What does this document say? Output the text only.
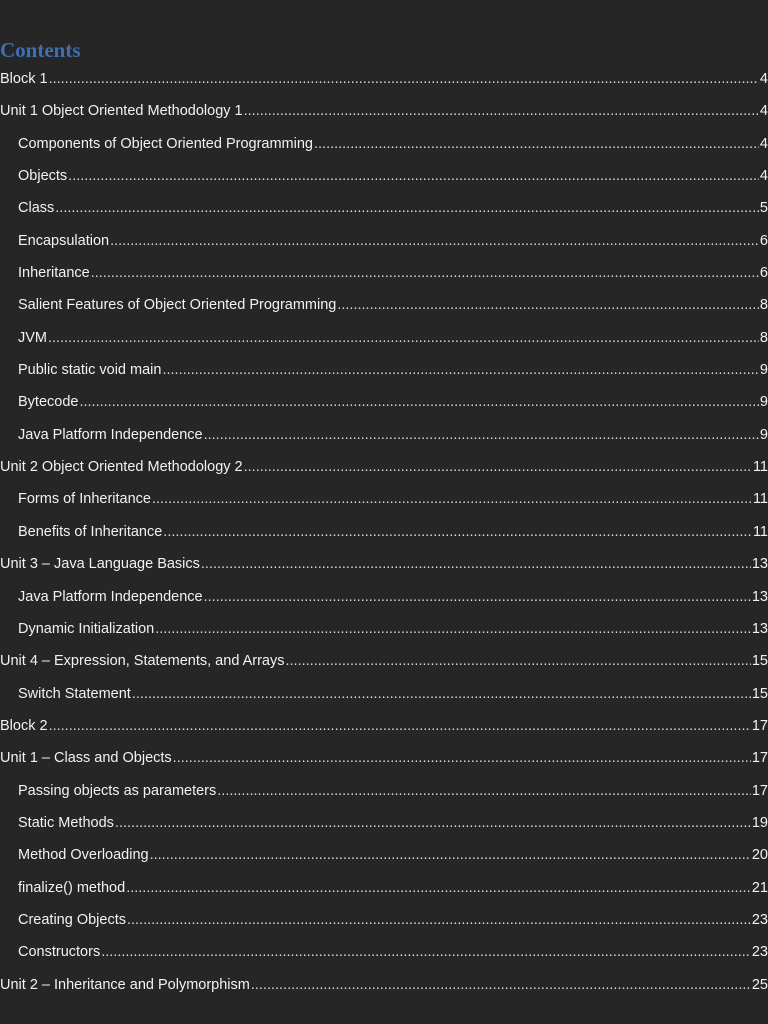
Contents
Block 1 .....	4
Unit 1 Object Oriented Methodology 1 .....	4
Components of Object Oriented Programming .....	4
Objects .....	4
Class .....	5
Encapsulation .....	6
Inheritance .....	6
Salient Features of Object Oriented Programming .....	8
JVM .....	8
Public static void main .....	9
Bytecode .....	9
Java Platform Independence .....	9
Unit 2 Object Oriented Methodology 2 .....	11
Forms of Inheritance .....	11
Benefits of Inheritance .....	11
Unit 3 – Java Language Basics .....	13
Java Platform Independence .....	13
Dynamic Initialization .....	13
Unit 4 – Expression, Statements, and Arrays .....	15
Switch Statement .....	15
Block 2 .....	17
Unit 1 – Class and Objects .....	17
Passing objects as parameters .....	17
Static Methods .....	19
Method Overloading .....	20
finalize() method .....	21
Creating Objects .....	23
Constructors .....	23
Unit 2 – Inheritance and Polymorphism .....	25
